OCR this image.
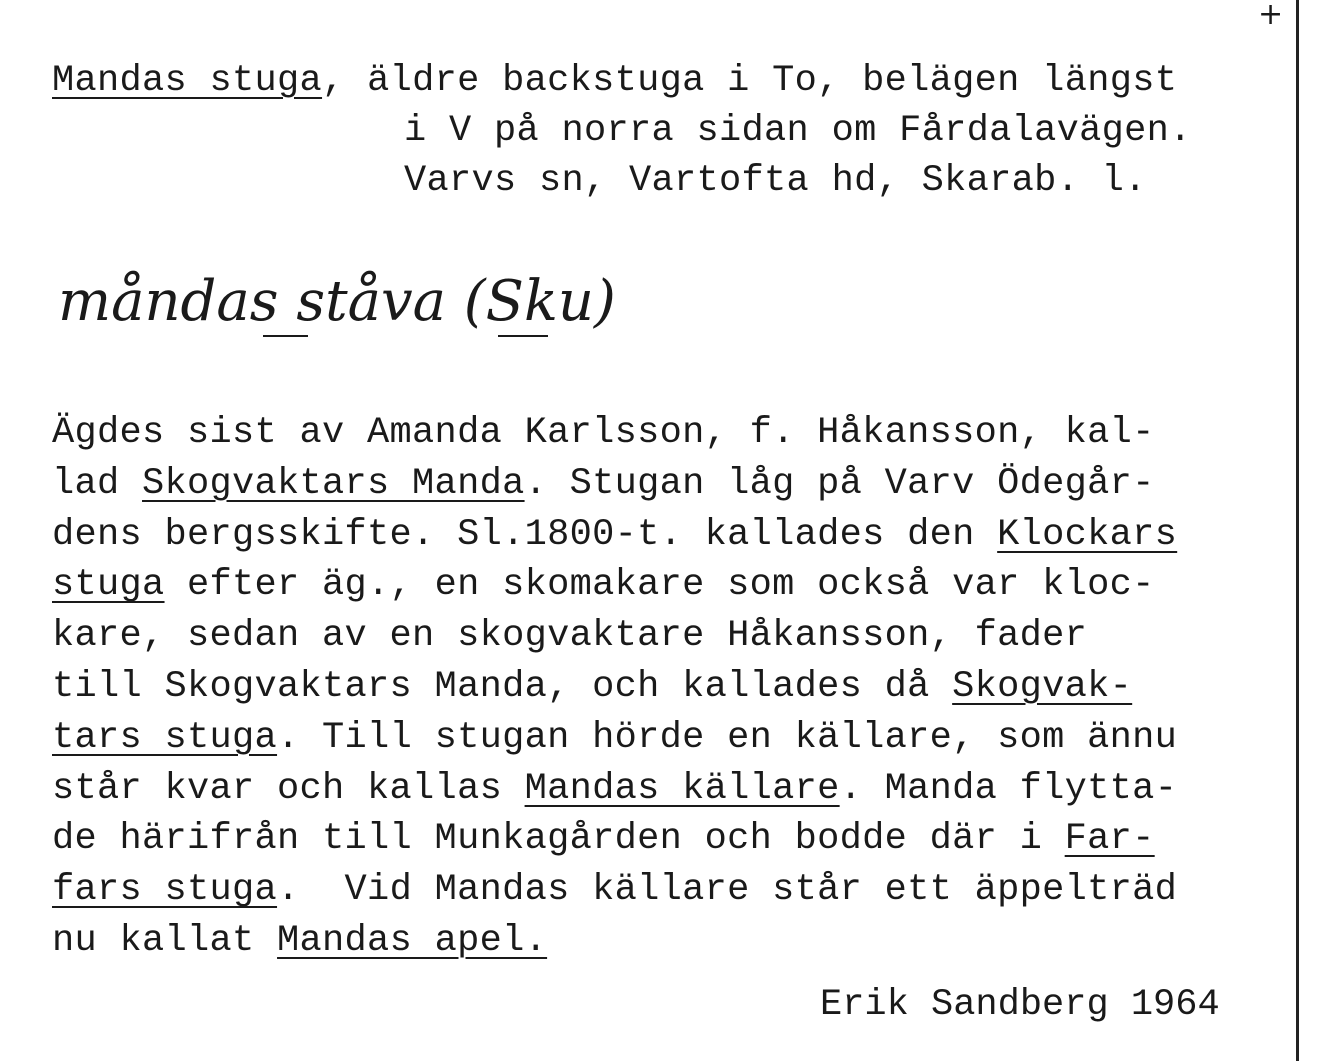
+
Mandas stuga, äldre backstuga i To, belägen längst
i V på norra sidan om Fårdalavägen.
Varvs sn, Vartofta hd, Skarab. l.
måndas ståva (Sku)
Ägdes sist av Amanda Karlsson, f. Håkansson, kal-
lad Skogvaktars Manda. Stugan låg på Varv Ödegår-
dens bergsskifte. Sl.1800-t. kallades den Klockars
stuga efter äg., en skomakare som också var kloc-
kare, sedan av en skogvaktare Håkansson, fader
till Skogvaktars Manda, och kallades då Skogvak-
tars stuga. Till stugan hörde en källare, som ännu
står kvar och kallas Mandas källare. Manda flytta-
de härifrån till Munkagården och bodde där i Far-
fars stuga.  Vid Mandas källare står ett äppelträd
nu kallat Mandas apel.
Erik Sandberg 1964
